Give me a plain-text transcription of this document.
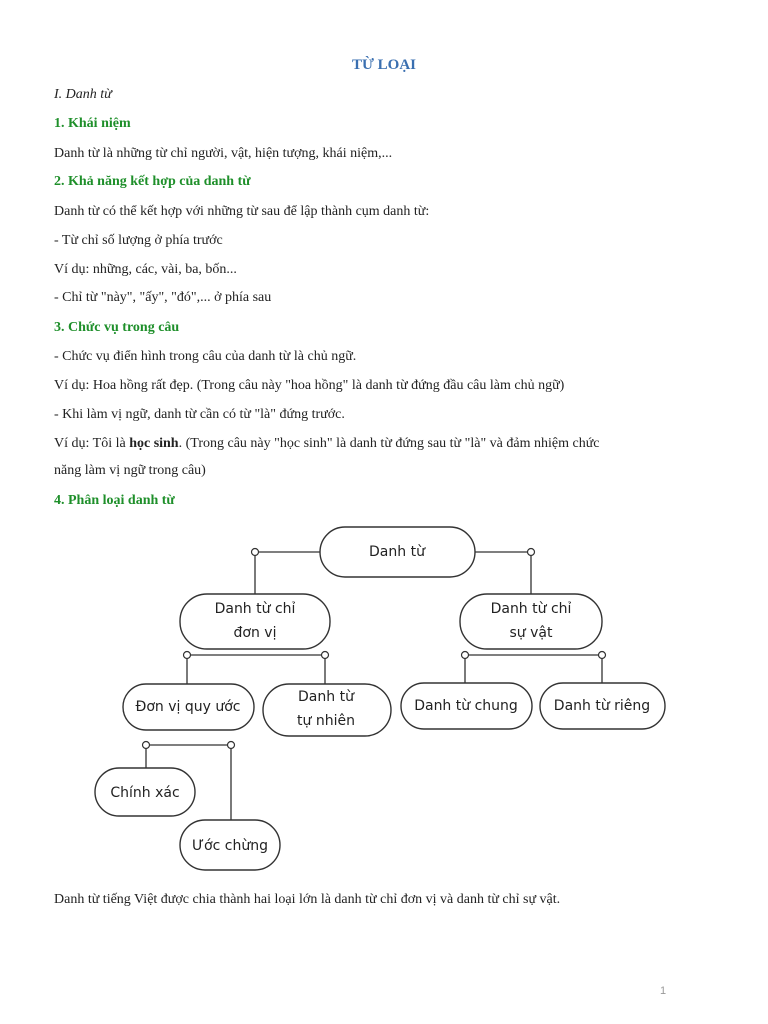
TỪ LOẠI

I. Danh từ

1. Khái niệm

Danh từ là những từ chỉ người, vật, hiện tượng, khái niệm,...

2. Khả năng kết hợp của danh từ

Danh từ có thể kết hợp với những từ sau để lập thành cụm danh từ:

- Từ chỉ số lượng ở phía trước

Ví dụ: những, các, vài, ba, bốn...

- Chỉ từ "này", "ấy", "đó",... ở phía sau

3. Chức vụ trong câu

- Chức vụ điển hình trong câu của danh từ là chủ ngữ.

Ví dụ: Hoa hồng rất đẹp. (Trong câu này "hoa hồng" là danh từ đứng đầu câu làm chủ ngữ)

- Khi làm vị ngữ, danh từ cần có từ "là" đứng trước.

Ví dụ: Tôi là học sinh. (Trong câu này "học sinh" là danh từ đứng sau từ "là" và đảm nhiệm chức

năng làm vị ngữ trong câu)

4. Phân loại danh từ

Danh từ
Danh từ chỉ
đơn vị
Danh từ chỉ
sự vật
Đơn vị quy ước
Danh từ
tự nhiên
Danh từ chung	Danh từ riêng
Chính xác
Ước chừng

Danh từ tiếng Việt được chia thành hai loại lớn là danh từ chỉ đơn vị và danh từ chỉ sự vật.

1
